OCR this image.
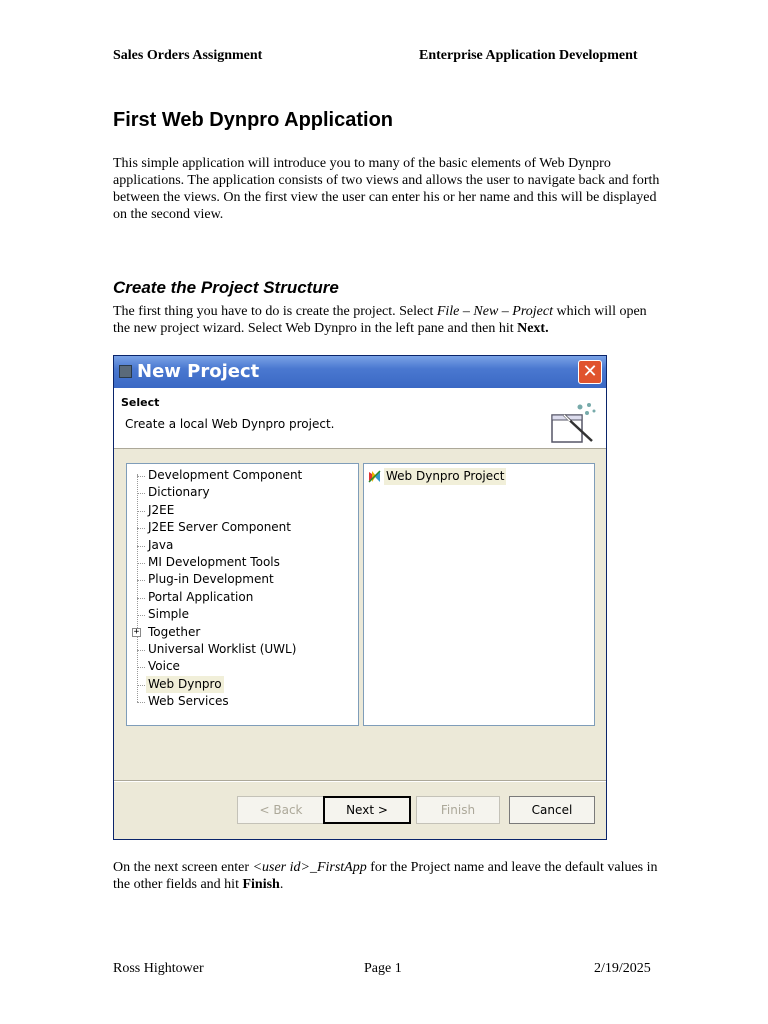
Sales Orders Assignment	Enterprise Application Development
First Web Dynpro Application

This simple application will introduce you to many of the basic elements of Web Dynpro applications. The application consists of two views and allows the user to navigate back and forth between the views. On the first view the user can enter his or her name and this will be displayed on the second view.

Create the Project Structure

The first thing you have to do is create the project. Select File – New – Project which will open the new project wizard. Select Web Dynpro in the left pane and then hit Next.

New Project	✕
Select
Create a local Web Dynpro project.
Development Component
Dictionary
J2EE
J2EE Server Component
Java
MI Development Tools
Plug-in Development
Portal Application
Simple
+ Together
Universal Worklist (UWL)
Voice
Web Dynpro
Web Services
Web Dynpro Project
< Back	Next >	Finish	Cancel

On the next screen enter <user id>_FirstApp for the Project name and leave the default values in the other fields and hit Finish.

Ross Hightower	Page 1	2/19/2025
